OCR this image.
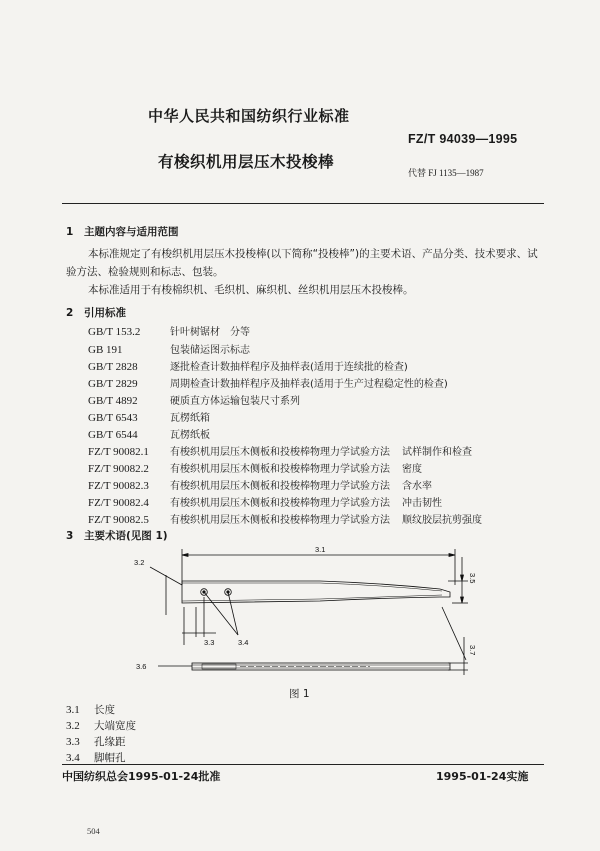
中华人民共和国纺织行业标准
FZ/T 94039—1995
有梭织机用层压木投梭棒
代替 FJ 1135—1987
1 主题内容与适用范围
本标准规定了有梭织机用层压木投梭棒(以下简称“投梭棒”)的主要术语、产品分类、技术要求、试
验方法、检验规则和标志、包装。
本标准适用于有梭棉织机、毛织机、麻织机、丝织机用层压木投梭棒。
2 引用标准
GB/T 153.2	针叶树锯材　分等
GB 191	包装储运图示标志
GB/T 2828	逐批检查计数抽样程序及抽样表(适用于连续批的检查)
GB/T 2829	周期检查计数抽样程序及抽样表(适用于生产过程稳定性的检查)
GB/T 4892	硬质直方体运输包装尺寸系列
GB/T 6543	瓦楞纸箱
GB/T 6544	瓦楞纸板
FZ/T 90082.1 有梭织机用层压木侧板和投梭棒物理力学试验方法 试样制作和检查
FZ/T 90082.2 有梭织机用层压木侧板和投梭棒物理力学试验方法 密度
FZ/T 90082.3 有梭织机用层压木侧板和投梭棒物理力学试验方法 含水率
FZ/T 90082.4 有梭织机用层压木侧板和投梭棒物理力学试验方法 冲击韧性
FZ/T 90082.5 有梭织机用层压木侧板和投梭棒物理力学试验方法 顺纹胶层抗剪强度
3 主要术语(见图 1)
3.1
3.2
3.3	3.4
3.5
3.6
3.7
图 1
3.1 长度
3.2 大端宽度
3.3 孔缘距
3.4 脚帽孔
中国纺织总会1995-01-24批准	1995-01-24实施
504
